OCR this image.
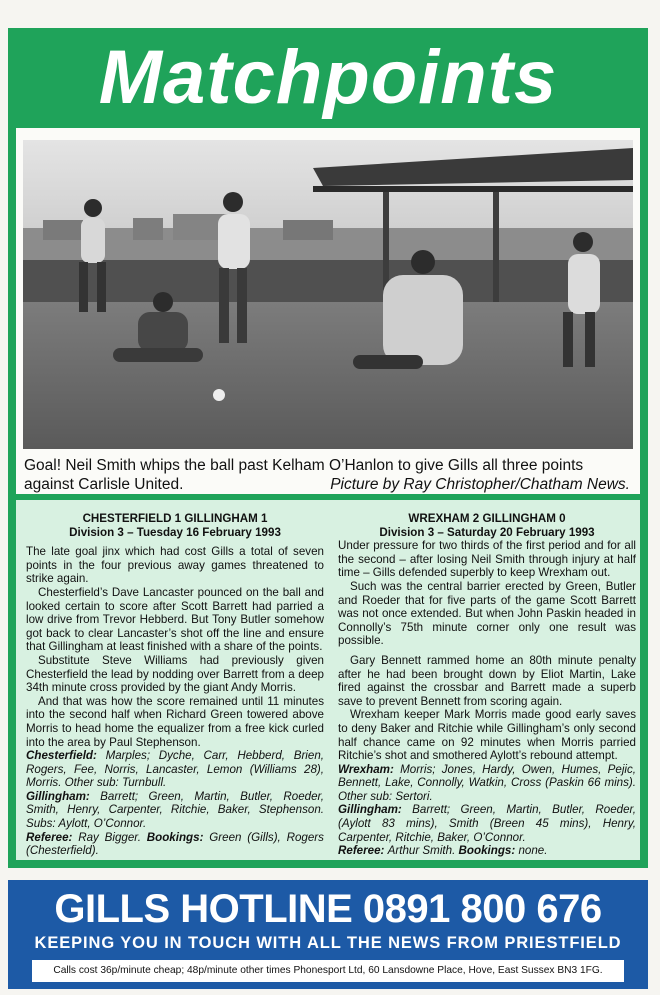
Matchpoints
Goal! Neil Smith whips the ball past Kelham O’Hanlon to give Gills all three points against Carlisle United.	Picture by Ray Christopher/Chatham News.
CHESTERFIELD 1 GILLINGHAM 1
Division 3 – Tuesday 16 February 1993

The late goal jinx which had cost Gills a total of seven points in the four previous away games threatened to strike again.

Chesterfield’s Dave Lancaster pounced on the ball and looked certain to score after Scott Barrett had parried a low drive from Trevor Hebberd. But Tony Butler somehow got back to clear Lancaster’s shot off the line and ensure that Gillingham at least finished with a share of the points.

Substitute Steve Williams had previously given Chesterfield the lead by nodding over Barrett from a deep 34th minute cross provided by the giant Andy Morris.

And that was how the score remained until 11 minutes into the second half when Richard Green towered above Morris to head home the equalizer from a free kick curled into the area by Paul Stephenson.

Chesterfield: Marples; Dyche, Carr, Hebberd, Brien, Rogers, Fee, Norris, Lancaster, Lemon (Williams 28), Morris. Other sub: Turnbull.

Gillingham: Barrett; Green, Martin, Butler, Roeder, Smith, Henry, Carpenter, Ritchie, Baker, Stephenson. Subs: Aylott, O’Connor.

Referee: Ray Bigger. Bookings: Green (Gills), Rogers (Chesterfield).

WREXHAM 2 GILLINGHAM 0
Division 3 – Saturday 20 February 1993

Under pressure for two thirds of the first period and for all the second – after losing Neil Smith through injury at half time – Gills defended superbly to keep Wrexham out.

Such was the central barrier erected by Green, Butler and Roeder that for five parts of the game Scott Barrett was not once extended. But when John Paskin headed in Connolly’s 75th minute corner only one result was possible.

Gary Bennett rammed home an 80th minute penalty after he had been brought down by Eliot Martin, Lake fired against the crossbar and Barrett made a superb save to prevent Bennett from scoring again.

Wrexham keeper Mark Morris made good early saves to deny Baker and Ritchie while Gillingham’s only second half chance came on 92 minutes when Morris parried Ritchie’s shot and smothered Aylott’s rebound attempt.

Wrexham: Morris; Jones, Hardy, Owen, Humes, Pejic, Bennett, Lake, Connolly, Watkin, Cross (Paskin 66 mins). Other sub: Sertori.

Gillingham: Barrett; Green, Martin, Butler, Roeder, (Aylott 83 mins), Smith (Breen 45 mins), Henry, Carpenter, Ritchie, Baker, O’Connor.

Referee: Arthur Smith. Bookings: none.

GILLS HOTLINE 0891 800 676
KEEPING YOU IN TOUCH WITH ALL THE NEWS FROM PRIESTFIELD
Calls cost 36p/minute cheap; 48p/minute other times Phonesport Ltd, 60 Lansdowne Place, Hove, East Sussex BN3 1FG.
